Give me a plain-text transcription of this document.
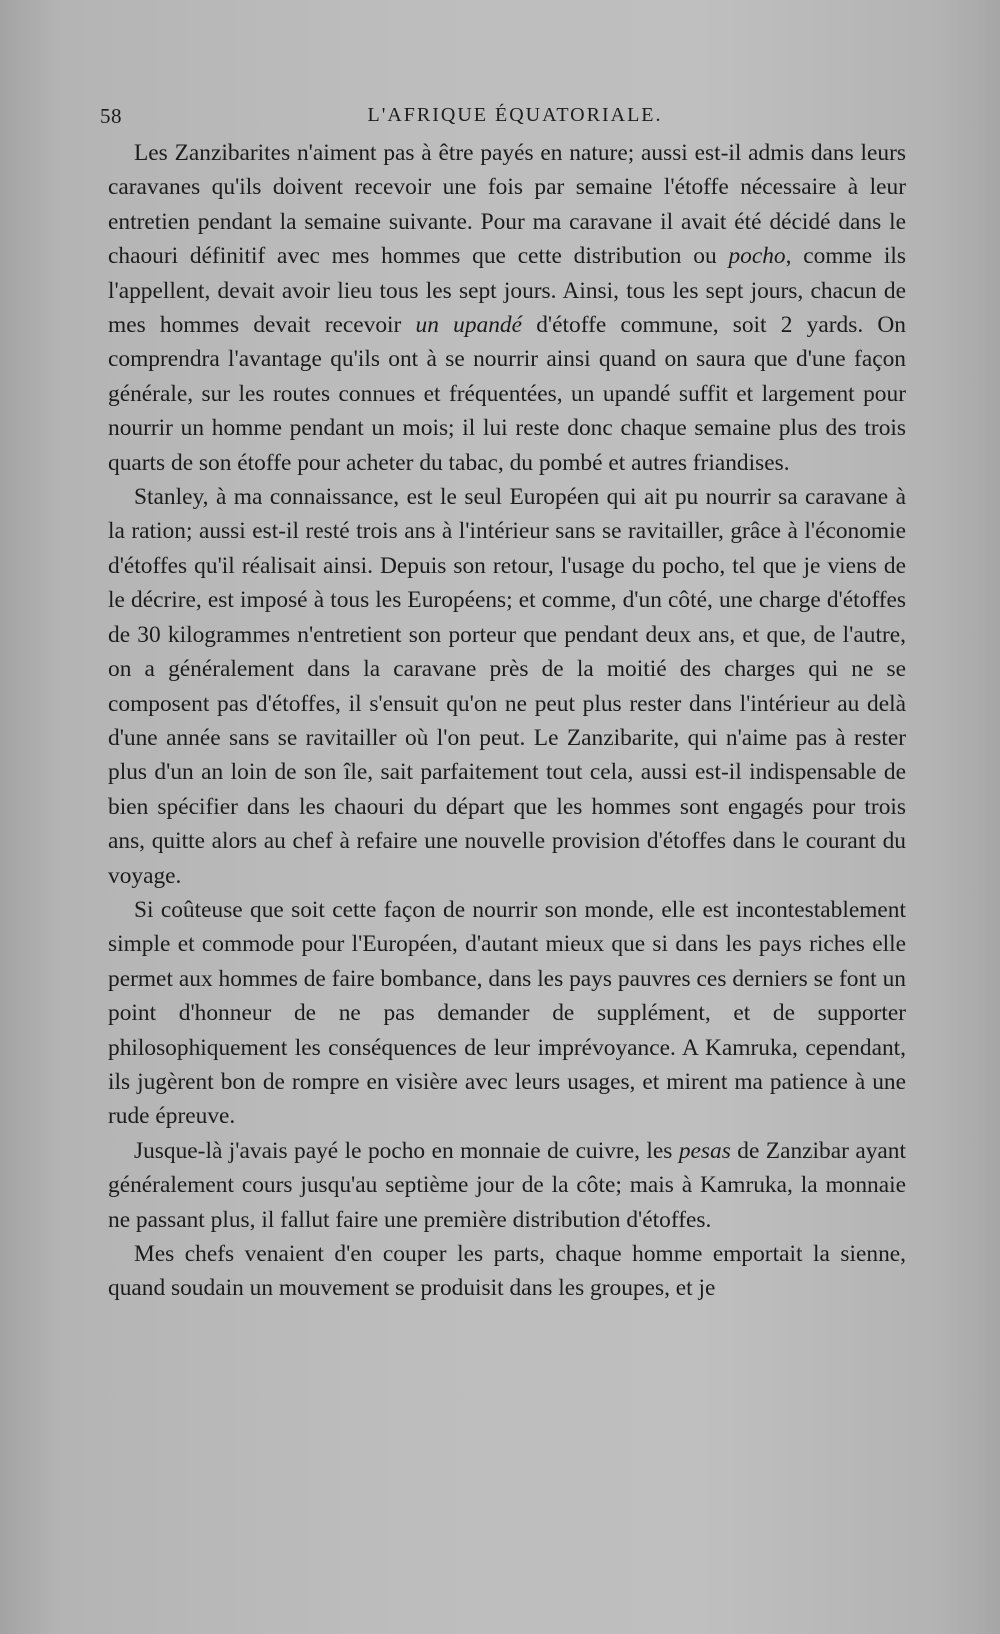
58	L'AFRIQUE ÉQUATORIALE.

Les Zanzibarites n'aiment pas à être payés en nature; aussi est-il admis dans leurs caravanes qu'ils doivent recevoir une fois par semaine l'étoffe nécessaire à leur entretien pendant la semaine suivante. Pour ma caravane il avait été décidé dans le chaouri définitif avec mes hommes que cette distribution ou pocho, comme ils l'appellent, devait avoir lieu tous les sept jours. Ainsi, tous les sept jours, chacun de mes hommes devait recevoir un upandé d'étoffe commune, soit 2 yards. On comprendra l'avantage qu'ils ont à se nourrir ainsi quand on saura que d'une façon générale, sur les routes connues et fréquentées, un upandé suffit et largement pour nourrir un homme pendant un mois; il lui reste donc chaque semaine plus des trois quarts de son étoffe pour acheter du tabac, du pombé et autres friandises.

Stanley, à ma connaissance, est le seul Européen qui ait pu nourrir sa caravane à la ration; aussi est-il resté trois ans à l'intérieur sans se ravitailler, grâce à l'économie d'étoffes qu'il réalisait ainsi. Depuis son retour, l'usage du pocho, tel que je viens de le décrire, est imposé à tous les Européens; et comme, d'un côté, une charge d'étoffes de 30 kilogrammes n'entretient son porteur que pendant deux ans, et que, de l'autre, on a généralement dans la caravane près de la moitié des charges qui ne se composent pas d'étoffes, il s'ensuit qu'on ne peut plus rester dans l'intérieur au delà d'une année sans se ravitailler où l'on peut. Le Zanzibarite, qui n'aime pas à rester plus d'un an loin de son île, sait parfaitement tout cela, aussi est-il indispensable de bien spécifier dans les chaouri du départ que les hommes sont engagés pour trois ans, quitte alors au chef à refaire une nouvelle provision d'étoffes dans le courant du voyage.

Si coûteuse que soit cette façon de nourrir son monde, elle est incontestablement simple et commode pour l'Européen, d'autant mieux que si dans les pays riches elle permet aux hommes de faire bombance, dans les pays pauvres ces derniers se font un point d'honneur de ne pas demander de supplément, et de supporter philosophiquement les conséquences de leur imprévoyance. A Kamruka, cependant, ils jugèrent bon de rompre en visière avec leurs usages, et mirent ma patience à une rude épreuve.

Jusque-là j'avais payé le pocho en monnaie de cuivre, les pesas de Zanzibar ayant généralement cours jusqu'au septième jour de la côte; mais à Kamruka, la monnaie ne passant plus, il fallut faire une première distribution d'étoffes.

Mes chefs venaient d'en couper les parts, chaque homme emportait la sienne, quand soudain un mouvement se produisit dans les groupes, et je
